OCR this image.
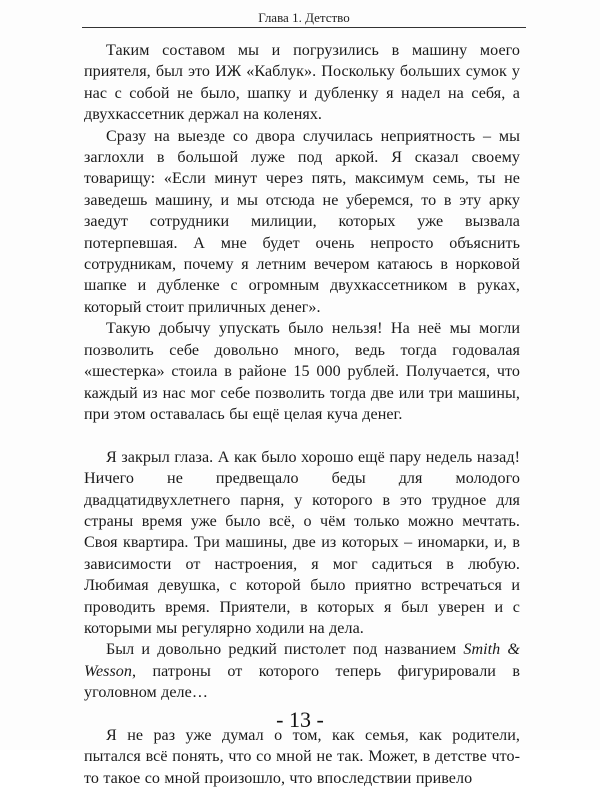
Глава 1. Детство

Таким составом мы и погрузились в машину моего приятеля, был это ИЖ «Каблук». Поскольку больших сумок у нас с собой не было, шапку и дубленку я надел на себя, а двухкассетник держал на коленях.

Сразу на выезде со двора случилась неприятность – мы заглохли в большой луже под аркой. Я сказал своему товарищу: «Если минут через пять, максимум семь, ты не заведешь машину, и мы отсюда не уберемся, то в эту арку заедут сотрудники милиции, которых уже вызвала потерпевшая. А мне будет очень непросто объяснить сотрудникам, почему я летним вечером катаюсь в норковой шапке и дубленке с огромным двухкассетником в руках, который стоит приличных денег».

Такую добычу упускать было нельзя! На неё мы могли позволить себе довольно много, ведь тогда годовалая «шестерка» стоила в районе 15 000 рублей. Получается, что каждый из нас мог себе позволить тогда две или три машины, при этом оставалась бы ещё целая куча денег.

Я закрыл глаза. А как было хорошо ещё пару недель назад! Ничего не предвещало беды для молодого двадцатидвухлетнего парня, у которого в это трудное для страны время уже было всё, о чём только можно мечтать. Своя квартира. Три машины, две из которых – иномарки, и, в зависимости от настроения, я мог садиться в любую. Любимая девушка, с которой было приятно встречаться и проводить время. Приятели, в которых я был уверен и с которыми мы регулярно ходили на дела.

Был и довольно редкий пистолет под названием Smith & Wesson, патроны от которого теперь фигурировали в уголовном деле…

Я не раз уже думал о том, как семья, как родители, пытался всё понять, что со мной не так. Может, в детстве что-то такое со мной произошло, что впоследствии привело

- 13 -
